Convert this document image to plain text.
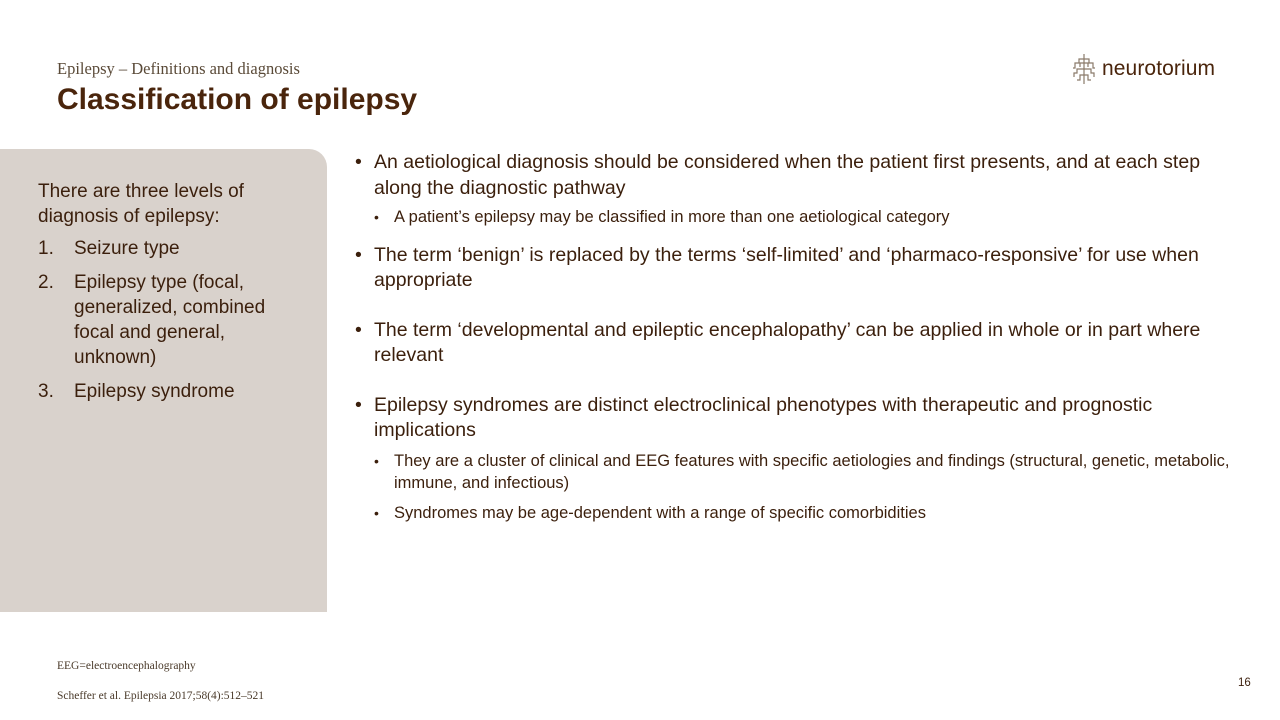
Epilepsy – Definitions and diagnosis
Classification of epilepsy
neurotorium
There are three levels of diagnosis of epilepsy:
1. Seizure type
2. Epilepsy type (focal, generalized, combined focal and general, unknown)
3. Epilepsy syndrome
• An aetiological diagnosis should be considered when the patient first presents, and at each step along the diagnostic pathway
• A patient’s epilepsy may be classified in more than one aetiological category
• The term ‘benign’ is replaced by the terms ‘self-limited’ and ‘pharmaco-responsive’ for use when appropriate
• The term ‘developmental and epileptic encephalopathy’ can be applied in whole or in part where relevant
• Epilepsy syndromes are distinct electroclinical phenotypes with therapeutic and prognostic implications
• They are a cluster of clinical and EEG features with specific aetiologies and findings (structural, genetic, metabolic, immune, and infectious)
• Syndromes may be age-dependent with a range of specific comorbidities
EEG=electroencephalography
Scheffer et al. Epilepsia 2017;58(4):512–521
16
